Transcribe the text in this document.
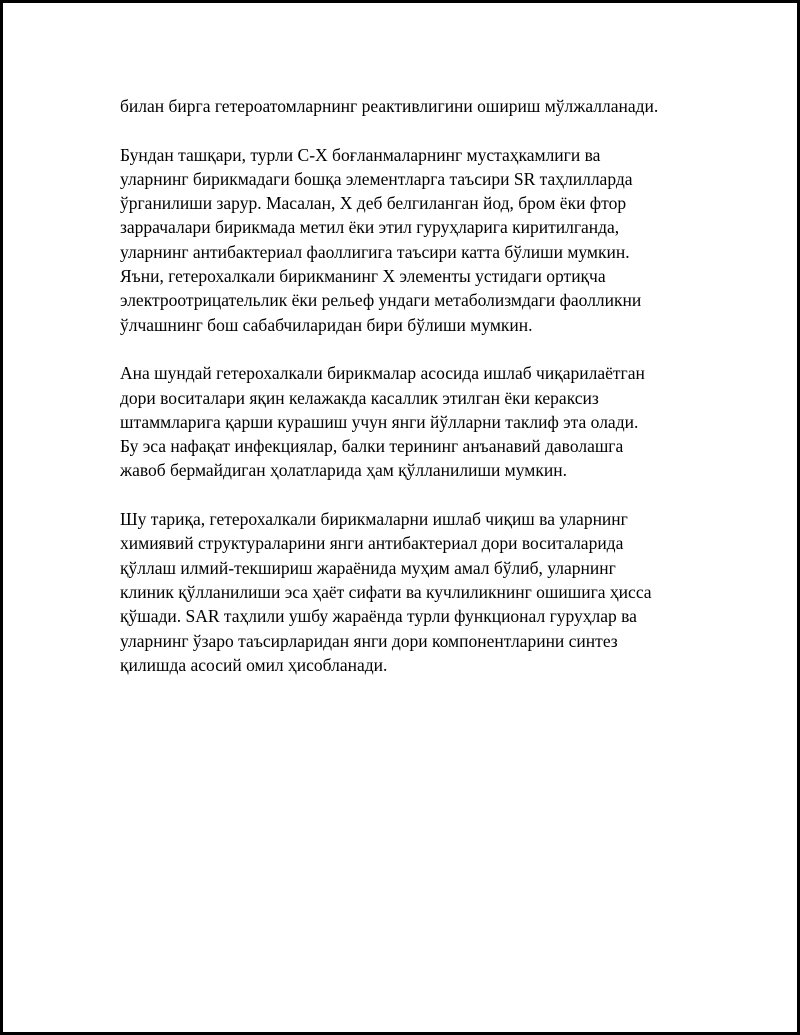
билан бирга гетероатомларнинг реактивлигини ошириш мўлжалланади.

Бундан ташқари, турли C-X боғланмаларнинг мустаҳкамлиги ва
уларнинг бирикмадаги бошқа элементларга таъсири SR таҳлилларда
ўрганилиши зарур. Масалан, X деб белгиланган йод, бром ёки фтор
заррачалари бирикмада метил ёки этил гуруҳларига киритилганда,
уларнинг антибактериал фаоллигига таъсири катта бўлиши мумкин.
Яъни, гетерохалкали бирикманинг X элементы устидаги ортиқча
электроотрицательлик ёки рельеф ундаги метаболизмдаги фаолликни
ўлчашнинг бош сабабчиларидан бири бўлиши мумкин.

Ана шундай гетерохалкали бирикмалар асосида ишлаб чиқарилаётган
дори воситалари яқин келажакда касаллик этилган ёки кераксиз
штаммларига қарши курашиш учун янги йўлларни таклиф эта олади.
Бу эса нафақат инфекциялар, балки терининг анъанавий даволашга
жавоб бермайдиган ҳолатларида ҳам қўлланилиши мумкин.

Шу тариқа, гетерохалкали бирикмаларни ишлаб чиқиш ва уларнинг
химиявий структураларини янги антибактериал дори воситаларида
қўллаш илмий-текшириш жараёнида муҳим амал бўлиб, уларнинг
клиник қўлланилиши эса ҳаёт сифати ва кучлиликнинг ошишига ҳисса
қўшади. SAR таҳлили ушбу жараёнда турли функционал гуруҳлар ва
уларнинг ўзаро таъсирларидан янги дори компонентларини синтез
қилишда асосий омил ҳисобланади.
